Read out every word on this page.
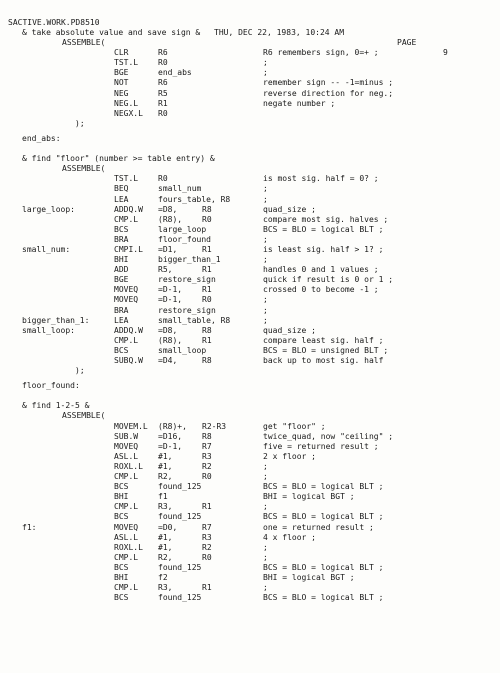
SACTIVE.WORK.PD8510

THU, DEC 22, 1983, 10:24 AM

PAGE

9

& take absolute value and save sign &
ASSEMBLE(
CLR	R6	R6 remembers sign, 0=+ ;
TST.L R0	;
BGE	end_abs	;
NOT	R6	remember sign -- -1=minus ;
NEG	R5	reverse direction for neg.;
NEG.L R1	negate number ;
NEGX.L R0
);
end_abs:
& find "floor" (number >= table entry) &
ASSEMBLE(
TST.L R0	is most sig. half = 0? ;
BEQ	small_num	;
LEA	fours_table, R8	;
large_loop:	ADDQ.W =D8,	R8	quad_size ;
CMP.L (R8), R0	compare most sig. halves ;
BCS	large_loop	BCS = BLO = logical BLT ;
BRA	floor_found	;
small_num:	CMPI.L =D1,	R1	is least sig. half > 1? ;
BHI	bigger_than_1	;
ADD	R5,	R1	handles 0 and 1 values ;
BGE	restore_sign	quick if result is 0 or 1 ;
MOVEQ =D-1, R1	crossed 0 to become -1 ;
MOVEQ =D-1, R0	;
BRA	restore_sign	;
bigger_than_1:	LEA	small_table, R8	;
small_loop:	ADDQ.W =D8,	R8	quad_size ;
CMP.L (R8), R1	compare least sig. half ;
BCS	small_loop	BCS = BLO = unsigned BLT ;
SUBQ.W =D4,	R8	back up to most sig. half
);
floor_found:
& find 1-2-5 &
ASSEMBLE(
MOVEM.L (R8)+, R2-R3	get "floor" ;
SUB.W =D16, R8	twice_quad, now "ceiling" ;
MOVEQ =D-1, R7	five = returned result ;
ASL.L #1,	R3	2 x floor ;
ROXL.L #1,	R2	;
CMP.L R2,	R0	;
BCS	found_125	BCS = BLO = logical BLT ;
BHI	f1	BHI = logical BGT ;
CMP.L R3,	R1	;
BCS	found_125	BCS = BLO = logical BLT ;
f1:	MOVEQ =D0,	R7	one = returned result ;
ASL.L #1,	R3	4 x floor ;
ROXL.L #1,	R2	;
CMP.L R2,	R0	;
BCS	found_125	BCS = BLO = logical BLT ;
BHI	f2	BHI = logical BGT ;
CMP.L R3,	R1	;
BCS	found_125	BCS = BLO = logical BLT ;
